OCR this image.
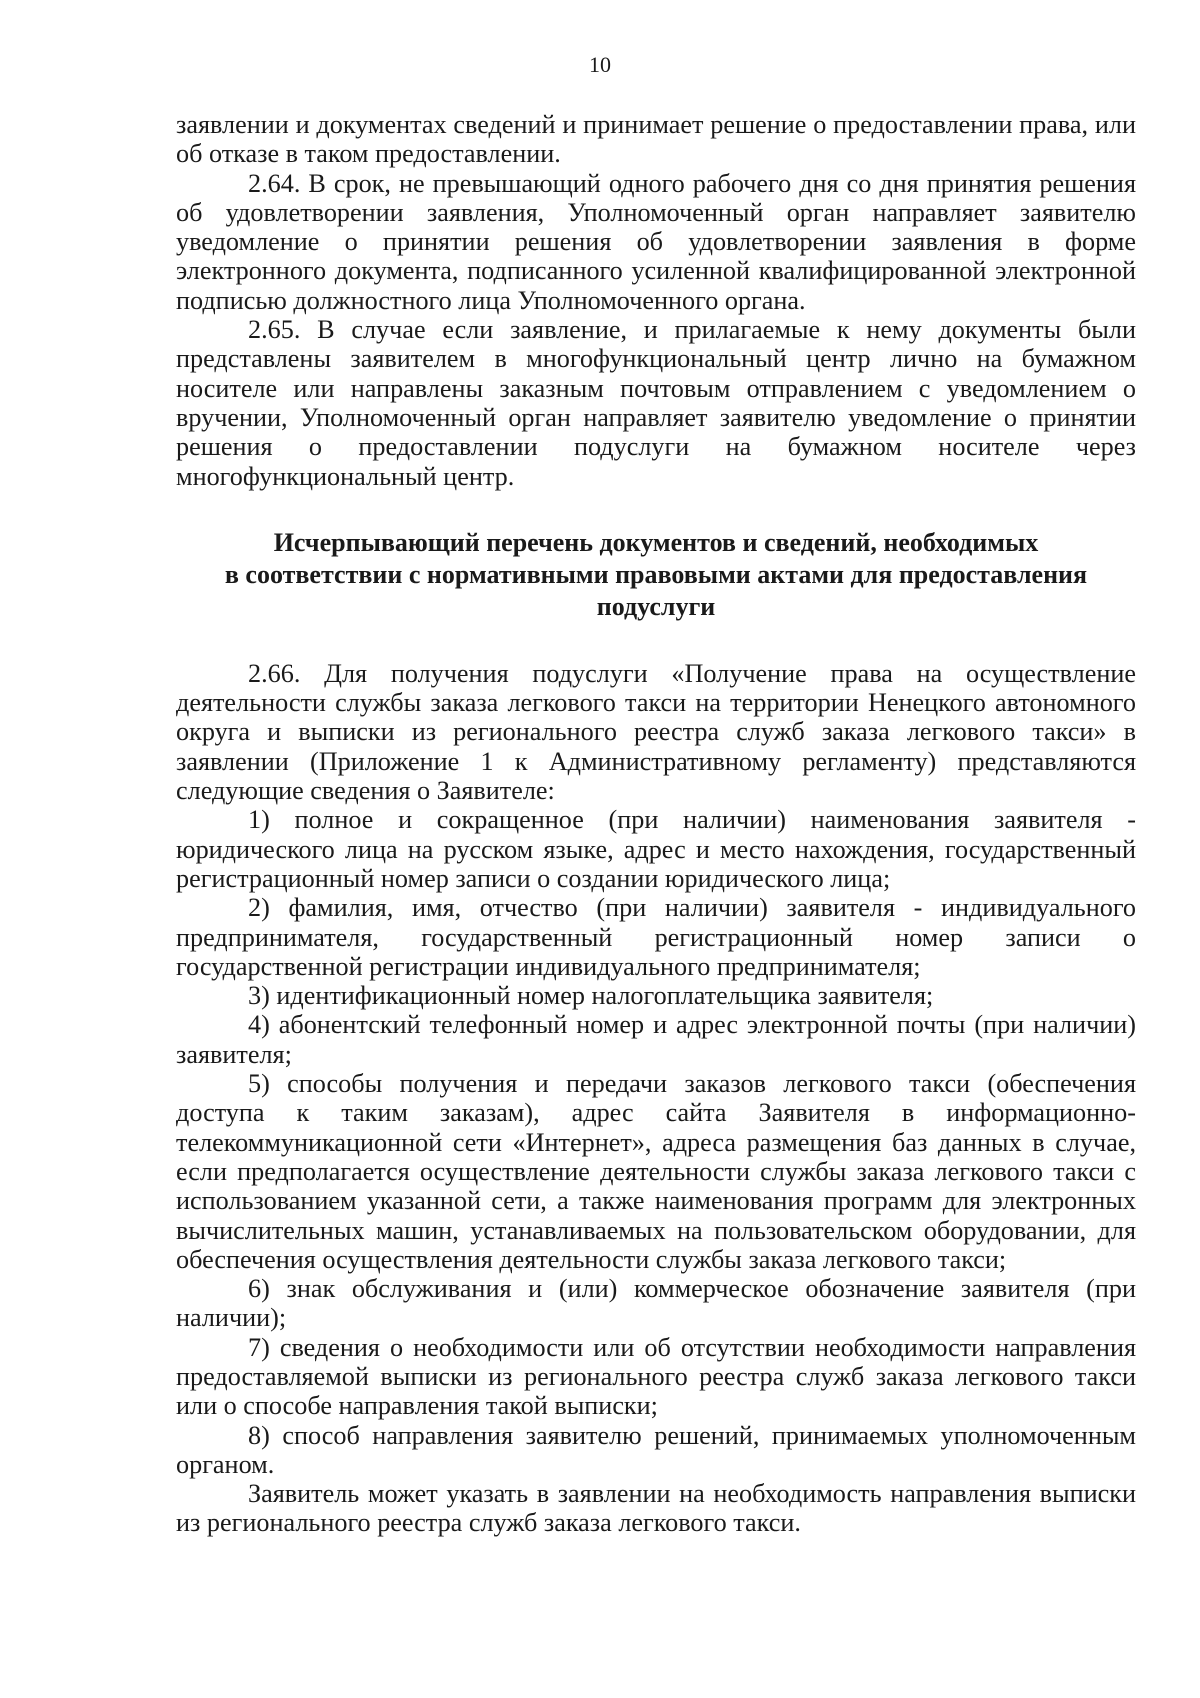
10

заявлении и документах сведений и принимает решение о предоставлении права, или об отказе в таком предоставлении.

2.64. В срок, не превышающий одного рабочего дня со дня принятия решения об удовлетворении заявления, Уполномоченный орган направляет заявителю уведомление о принятии решения об удовлетворении заявления в форме электронного документа, подписанного усиленной квалифицированной электронной подписью должностного лица Уполномоченного органа.

2.65. В случае если заявление, и прилагаемые к нему документы были представлены заявителем в многофункциональный центр лично на бумажном носителе или направлены заказным почтовым отправлением с уведомлением о вручении, Уполномоченный орган направляет заявителю уведомление о принятии решения о предоставлении подуслуги на бумажном носителе через многофункциональный центр.

Исчерпывающий перечень документов и сведений, необходимых
в соответствии с нормативными правовыми актами для предоставления
подуслуги

2.66. Для получения подуслуги «Получение права на осуществление деятельности службы заказа легкового такси на территории Ненецкого автономного округа и выписки из регионального реестра служб заказа легкового такси» в заявлении (Приложение 1 к Административному регламенту) представляются следующие сведения о Заявителе:

1) полное и сокращенное (при наличии) наименования заявителя - юридического лица на русском языке, адрес и место нахождения, государственный регистрационный номер записи о создании юридического лица;

2) фамилия, имя, отчество (при наличии) заявителя - индивидуального предпринимателя, государственный регистрационный номер записи о государственной регистрации индивидуального предпринимателя;

3) идентификационный номер налогоплательщика заявителя;

4) абонентский телефонный номер и адрес электронной почты (при наличии) заявителя;

5) способы получения и передачи заказов легкового такси (обеспечения доступа к таким заказам), адрес сайта Заявителя в информационно-телекоммуникационной сети «Интернет», адреса размещения баз данных в случае, если предполагается осуществление деятельности службы заказа легкового такси с использованием указанной сети, а также наименования программ для электронных вычислительных машин, устанавливаемых на пользовательском оборудовании, для обеспечения осуществления деятельности службы заказа легкового такси;

6) знак обслуживания и (или) коммерческое обозначение заявителя (при наличии);

7) сведения о необходимости или об отсутствии необходимости направления предоставляемой выписки из регионального реестра служб заказа легкового такси или о способе направления такой выписки;

8) способ направления заявителю решений, принимаемых уполномоченным органом.

Заявитель может указать в заявлении на необходимость направления выписки из регионального реестра служб заказа легкового такси.
